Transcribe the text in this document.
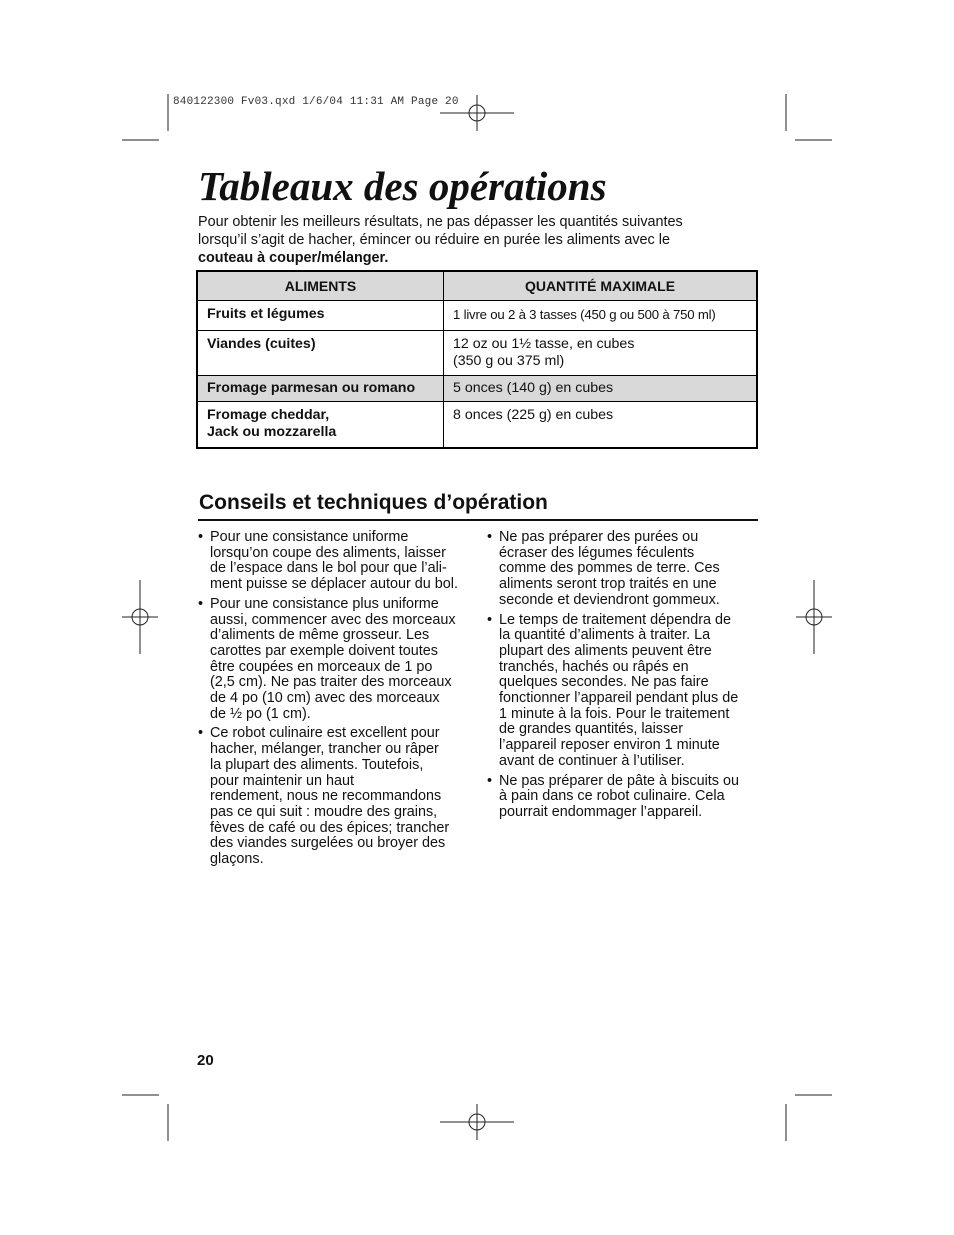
840122300 Fv03.qxd 1/6/04 11:31 AM Page 20
Tableaux des opérations

Pour obtenir les meilleurs résultats, ne pas dépasser les quantités suivantes
lorsqu’il s’agit de hacher, émincer ou réduire en purée les aliments avec le
couteau à couper/mélanger.

ALIMENTS	QUANTITÉ MAXIMALE

Fruits et légumes	1 livre ou 2 à 3 tasses (450 g ou 500 à 750 ml)

Viandes (cuites)	12 oz ou 1½ tasse, en cubes
(350 g ou 375 ml)

Fromage parmesan ou romano	5 onces (140 g) en cubes

Fromage cheddar,
Jack ou mozzarella	8 onces (225 g) en cubes
Conseils et techniques d’opération
• Pour une consistance uniforme
lorsqu’on coupe des aliments, laisser
de l’espace dans le bol pour que l’ali-
ment puisse se déplacer autour du bol.
• Pour une consistance plus uniforme
aussi, commencer avec des morceaux
d’aliments de même grosseur. Les
carottes par exemple doivent toutes
être coupées en morceaux de 1 po
(2,5 cm). Ne pas traiter des morceaux
de 4 po (10 cm) avec des morceaux
de ½ po (1 cm).
• Ce robot culinaire est excellent pour
hacher, mélanger, trancher ou râper
la plupart des aliments. Toutefois,
pour maintenir un haut
rendement, nous ne recommandons
pas ce qui suit : moudre des grains,
fèves de café ou des épices; trancher
des viandes surgelées ou broyer des
glaçons.
• Ne pas préparer des purées ou
écraser des légumes féculents
comme des pommes de terre. Ces
aliments seront trop traités en une
seconde et deviendront gommeux.
• Le temps de traitement dépendra de
la quantité d’aliments à traiter. La
plupart des aliments peuvent être
tranchés, hachés ou râpés en
quelques secondes. Ne pas faire
fonctionner l’appareil pendant plus de
1 minute à la fois. Pour le traitement
de grandes quantités, laisser
l’appareil reposer environ 1 minute
avant de continuer à l’utiliser.
• Ne pas préparer de pâte à biscuits ou
à pain dans ce robot culinaire. Cela
pourrait endommager l’appareil.
20
